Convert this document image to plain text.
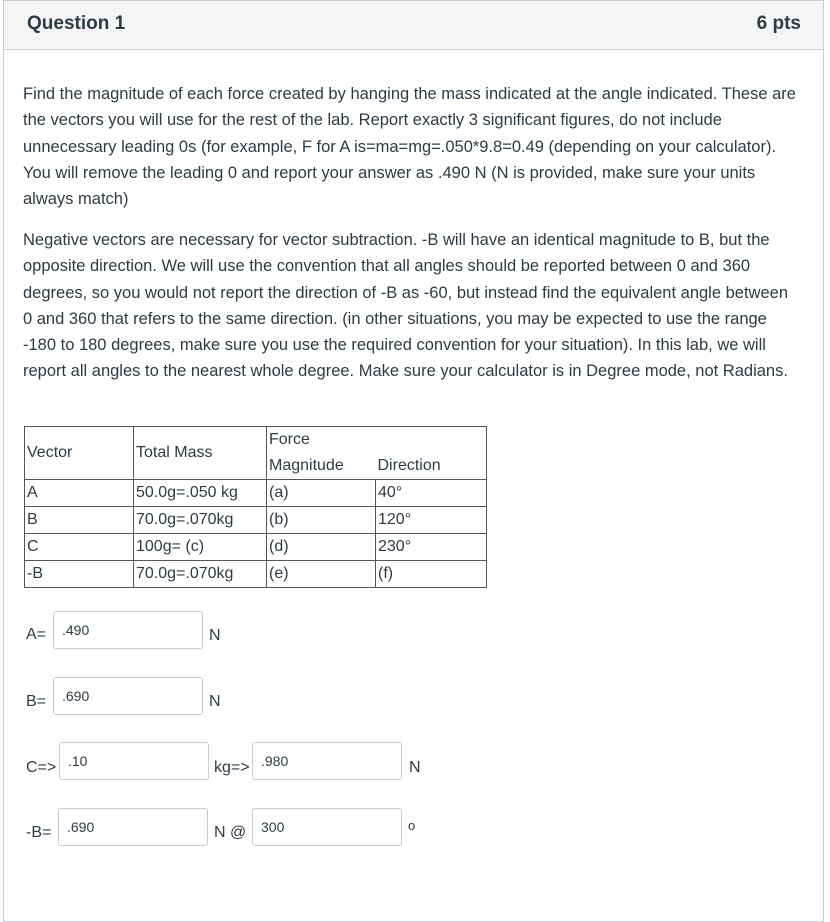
Question 1	6 pts
Find the magnitude of each force created by hanging the mass indicated at the angle indicated. These are the vectors you will use for the rest of the lab. Report exactly 3 significant figures, do not include unnecessary leading 0s (for example, F for A is=ma=mg=.050*9.8=0.49 (depending on your calculator). You will remove the leading 0 and report your answer as .490 N (N is provided, make sure your units always match)
Negative vectors are necessary for vector subtraction. -B will have an identical magnitude to B, but the opposite direction. We will use the convention that all angles should be reported between 0 and 360 degrees, so you would not report the direction of -B as -60, but instead find the equivalent angle between 0 and 360 that refers to the same direction. (in other situations, you may be expected to use the range -180 to 180 degrees, make sure you use the required convention for your situation). In this lab, we will report all angles to the nearest whole degree. Make sure your calculator is in Degree mode, not Radians.
Vector	Total Mass	Force	
		Magnitude	Direction
A	50.0g=.050 kg	(a)	40°
B	70.0g=.070kg	(b)	120°
C	100g= (c)	(d)	230°
-B	70.0g=.070kg	(e)	(f)
A=	.490	N
B=	.690	N
C=> .10	kg=> .980	N
-B=	.690	N @	300	o
